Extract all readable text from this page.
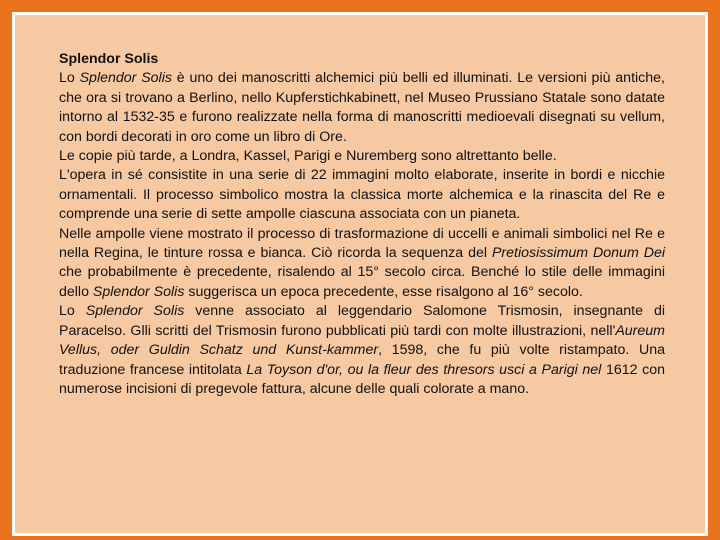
Splendor Solis

Lo Splendor Solis è uno dei manoscritti alchemici più belli ed illuminati. Le versioni più antiche, che ora si trovano a Berlino, nello Kupferstichkabinett, nel Museo Prussiano Statale sono datate intorno al 1532-35 e furono realizzate nella forma di manoscritti medioevali disegnati su vellum, con bordi decorati in oro come un libro di Ore.

Le copie più tarde, a Londra, Kassel, Parigi e Nuremberg sono altrettanto belle.

L'opera in sé consistite in una serie di 22 immagini molto elaborate, inserite in bordi e nicchie ornamentali. Il processo simbolico mostra la classica morte alchemica e la rinascita del Re e comprende una serie di sette ampolle ciascuna associata con un pianeta.

Nelle ampolle viene mostrato il processo di trasformazione di uccelli e animali simbolici nel Re e nella Regina, le tinture rossa e bianca. Ciò ricorda la sequenza del Pretiosissimum Donum Dei che probabilmente è precedente, risalendo al 15° secolo circa. Benché lo stile delle immagini dello Splendor Solis suggerisca un epoca precedente, esse risalgono al 16° secolo.

Lo Splendor Solis venne associato al leggendario Salomone Trismosin, insegnante di Paracelso. Glli scritti del Trismosin furono pubblicati più tardi con molte illustrazioni, nell'Aureum Vellus, oder Guldin Schatz und Kunst-kammer, 1598, che fu più volte ristampato. Una traduzione francese intitolata La Toyson d'or, ou la fleur des thresors usci a Parigi nel 1612 con numerose incisioni di pregevole fattura, alcune delle quali colorate a mano.
